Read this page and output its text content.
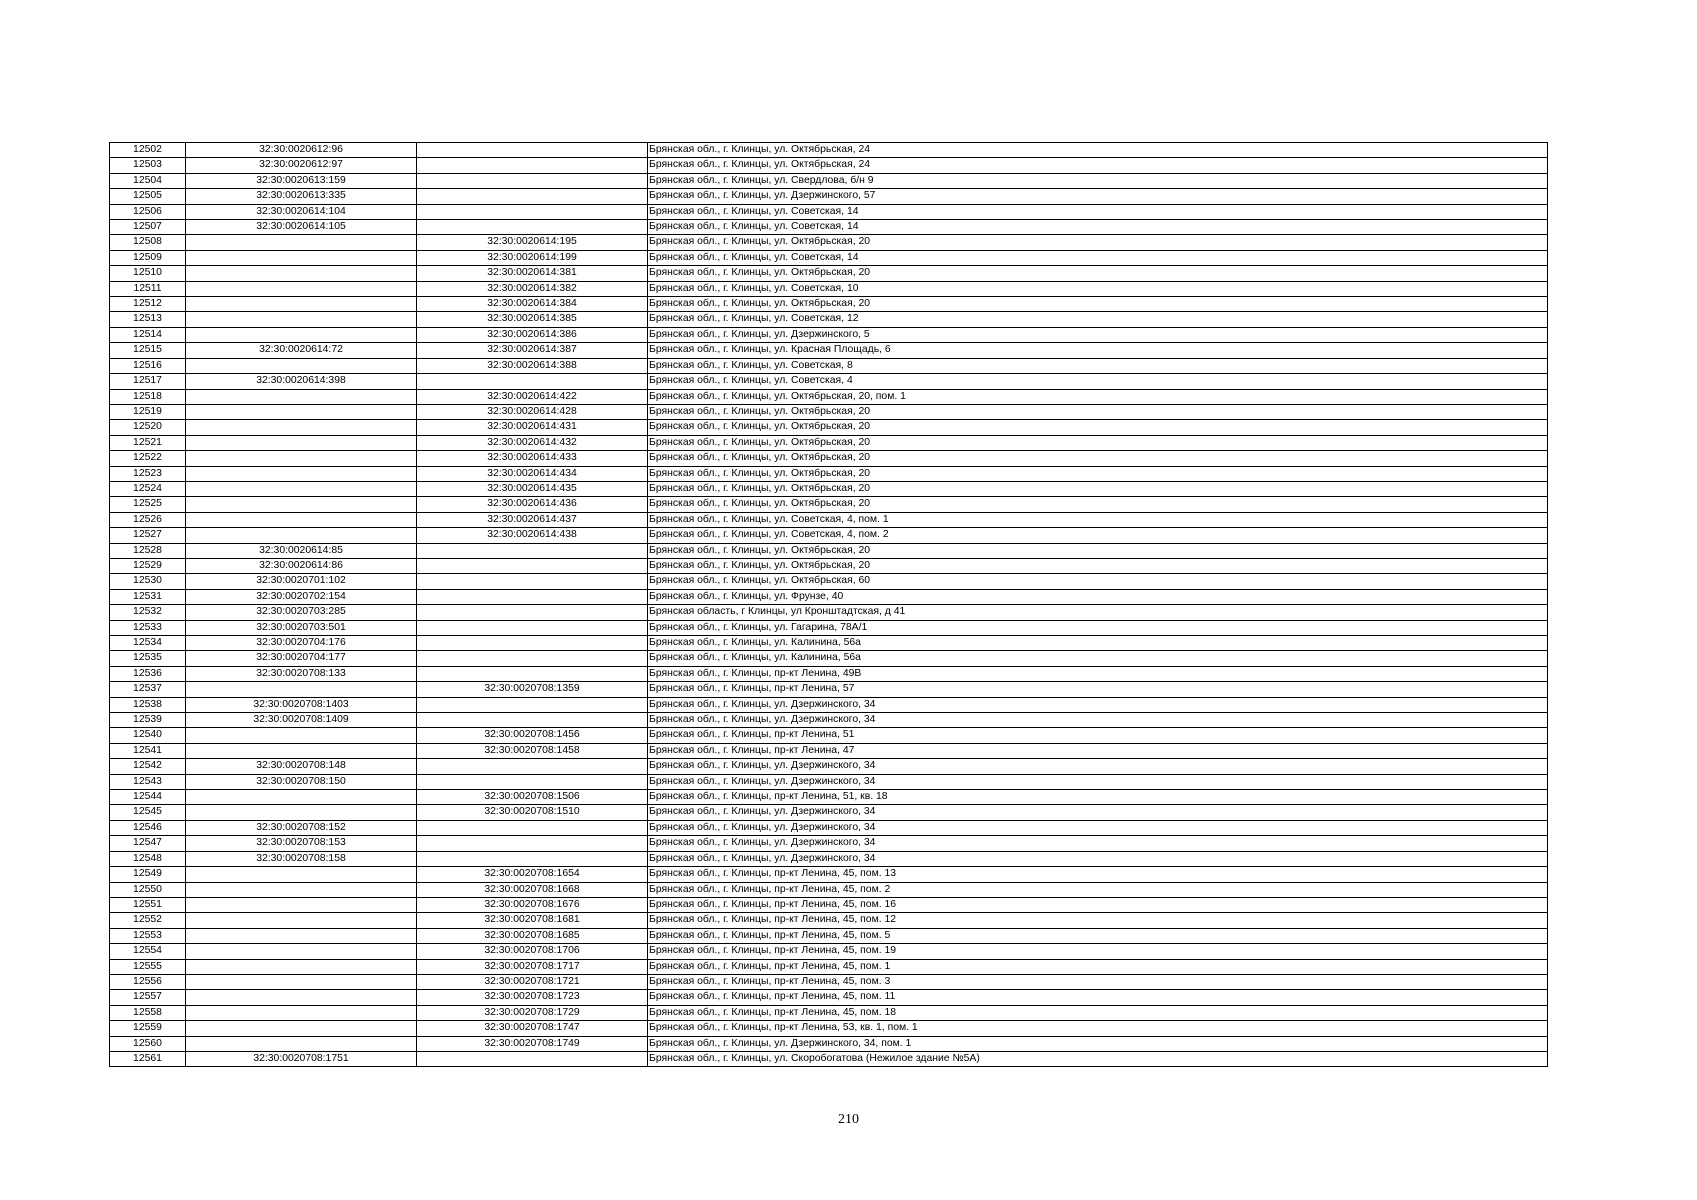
12502	32:30:0020612:96		Брянская обл., г. Клинцы, ул. Октябрьская, 24
12503	32:30:0020612:97		Брянская обл., г. Клинцы, ул. Октябрьская, 24
12504	32:30:0020613:159		Брянская обл., г. Клинцы, ул. Свердлова, б/н 9
12505	32:30:0020613:335		Брянская обл., г. Клинцы, ул. Дзержинского, 57
12506	32:30:0020614:104		Брянская обл., г. Клинцы, ул. Советская, 14
12507	32:30:0020614:105		Брянская обл., г. Клинцы, ул. Советская, 14
12508		32:30:0020614:195	Брянская обл., г. Клинцы, ул. Октябрьская, 20
12509		32:30:0020614:199	Брянская обл., г. Клинцы, ул. Советская, 14
12510		32:30:0020614:381	Брянская обл., г. Клинцы, ул. Октябрьская, 20
12511		32:30:0020614:382	Брянская обл., г. Клинцы, ул. Советская, 10
12512		32:30:0020614:384	Брянская обл., г. Клинцы, ул. Октябрьская, 20
12513		32:30:0020614:385	Брянская обл., г. Клинцы, ул. Советская, 12
12514		32:30:0020614:386	Брянская обл., г. Клинцы, ул. Дзержинского, 5
12515	32:30:0020614:72	32:30:0020614:387	Брянская обл., г. Клинцы, ул. Красная Площадь, 6
12516		32:30:0020614:388	Брянская обл., г. Клинцы, ул. Советская, 8
12517	32:30:0020614:398		Брянская обл., г. Клинцы, ул. Советская, 4
12518		32:30:0020614:422	Брянская обл., г. Клинцы, ул. Октябрьская, 20, пом. 1
12519		32:30:0020614:428	Брянская обл., г. Клинцы, ул. Октябрьская, 20
12520		32:30:0020614:431	Брянская обл., г. Клинцы, ул. Октябрьская, 20
12521		32:30:0020614:432	Брянская обл., г. Клинцы, ул. Октябрьская, 20
12522		32:30:0020614:433	Брянская обл., г. Клинцы, ул. Октябрьская, 20
12523		32:30:0020614:434	Брянская обл., г. Клинцы, ул. Октябрьская, 20
12524		32:30:0020614:435	Брянская обл., г. Клинцы, ул. Октябрьская, 20
12525		32:30:0020614:436	Брянская обл., г. Клинцы, ул. Октябрьская, 20
12526		32:30:0020614:437	Брянская обл., г. Клинцы, ул. Советская, 4, пом. 1
12527		32:30:0020614:438	Брянская обл., г. Клинцы, ул. Советская, 4, пом. 2
12528	32:30:0020614:85		Брянская обл., г. Клинцы, ул. Октябрьская, 20
12529	32:30:0020614:86		Брянская обл., г. Клинцы, ул. Октябрьская, 20
12530	32:30:0020701:102		Брянская обл., г. Клинцы, ул. Октябрьская, 60
12531	32:30:0020702:154		Брянская обл., г. Клинцы, ул. Фрунзе, 40
12532	32:30:0020703:285		Брянская область, г Клинцы, ул Кронштадтская, д 41
12533	32:30:0020703:501		Брянская обл., г. Клинцы, ул. Гагарина, 78А/1
12534	32:30:0020704:176		Брянская обл., г. Клинцы, ул. Калинина, 56а
12535	32:30:0020704:177		Брянская обл., г. Клинцы, ул. Калинина, 56а
12536	32:30:0020708:133		Брянская обл., г. Клинцы, пр-кт Ленина, 49В
12537		32:30:0020708:1359	Брянская обл., г. Клинцы, пр-кт Ленина, 57
12538	32:30:0020708:1403		Брянская обл., г. Клинцы, ул. Дзержинского, 34
12539	32:30:0020708:1409		Брянская обл., г. Клинцы, ул. Дзержинского, 34
12540		32:30:0020708:1456	Брянская обл., г. Клинцы, пр-кт Ленина, 51
12541		32:30:0020708:1458	Брянская обл., г. Клинцы, пр-кт Ленина, 47
12542	32:30:0020708:148		Брянская обл., г. Клинцы, ул. Дзержинского, 34
12543	32:30:0020708:150		Брянская обл., г. Клинцы, ул. Дзержинского, 34
12544		32:30:0020708:1506	Брянская обл., г. Клинцы, пр-кт Ленина, 51, кв. 18
12545		32:30:0020708:1510	Брянская обл., г. Клинцы, ул. Дзержинского, 34
12546	32:30:0020708:152		Брянская обл., г. Клинцы, ул. Дзержинского, 34
12547	32:30:0020708:153		Брянская обл., г. Клинцы, ул. Дзержинского, 34
12548	32:30:0020708:158		Брянская обл., г. Клинцы, ул. Дзержинского, 34
12549		32:30:0020708:1654	Брянская обл., г. Клинцы, пр-кт Ленина, 45, пом. 13
12550		32:30:0020708:1668	Брянская обл., г. Клинцы, пр-кт Ленина, 45, пом. 2
12551		32:30:0020708:1676	Брянская обл., г. Клинцы, пр-кт Ленина, 45, пом. 16
12552		32:30:0020708:1681	Брянская обл., г. Клинцы, пр-кт Ленина, 45, пом. 12
12553		32:30:0020708:1685	Брянская обл., г. Клинцы, пр-кт Ленина, 45, пом. 5
12554		32:30:0020708:1706	Брянская обл., г. Клинцы, пр-кт Ленина, 45, пом. 19
12555		32:30:0020708:1717	Брянская обл., г. Клинцы, пр-кт Ленина, 45, пом. 1
12556		32:30:0020708:1721	Брянская обл., г. Клинцы, пр-кт Ленина, 45, пом. 3
12557		32:30:0020708:1723	Брянская обл., г. Клинцы, пр-кт Ленина, 45, пом. 11
12558		32:30:0020708:1729	Брянская обл., г. Клинцы, пр-кт Ленина, 45, пом. 18
12559		32:30:0020708:1747	Брянская обл., г. Клинцы, пр-кт Ленина, 53, кв. 1, пом. 1
12560		32:30:0020708:1749	Брянская обл., г. Клинцы, ул. Дзержинского, 34, пом. 1
12561	32:30:0020708:1751		Брянская обл., г. Клинцы, ул. Скоробогатова (Нежилое здание №5А)
210
